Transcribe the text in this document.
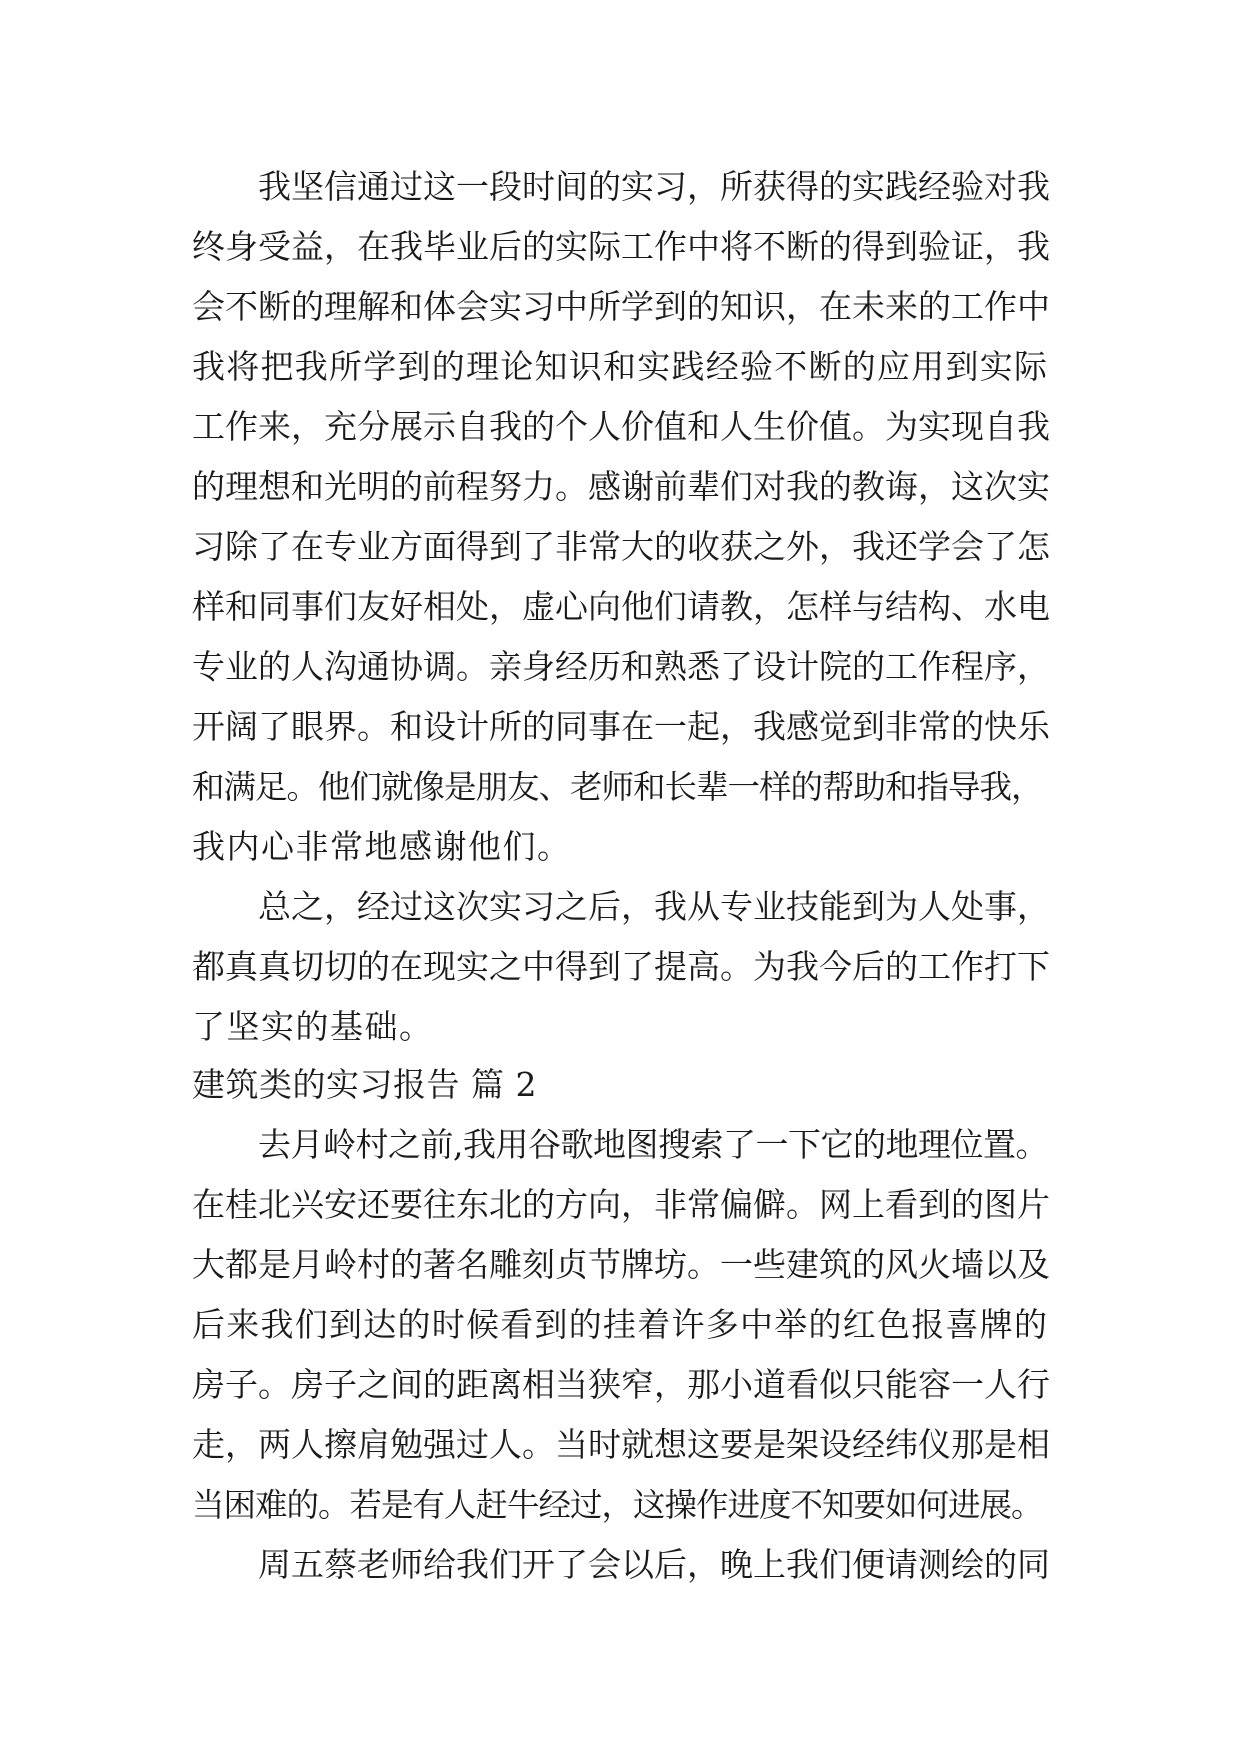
我坚信通过这一段时间的实习，所获得的实践经验对我
终身受益，在我毕业后的实际工作中将不断的得到验证，我
会不断的理解和体会实习中所学到的知识，在未来的工作中
我将把我所学到的理论知识和实践经验不断的应用到实际
工作来，充分展示自我的个人价值和人生价值。为实现自我
的理想和光明的前程努力。感谢前辈们对我的教诲，这次实
习除了在专业方面得到了非常大的收获之外，我还学会了怎
样和同事们友好相处，虚心向他们请教，怎样与结构、水电
专业的人沟通协调。亲身经历和熟悉了设计院的工作程序，
开阔了眼界。和设计所的同事在一起，我感觉到非常的快乐
和满足。他们就像是朋友、老师和长辈一样的帮助和指导我，
我内心非常地感谢他们。
总之，经过这次实习之后，我从专业技能到为人处事，
都真真切切的在现实之中得到了提高。为我今后的工作打下
了坚实的基础。
建筑类的实习报告 篇 2
去月岭村之前,我用谷歌地图搜索了一下它的地理位置。
在桂北兴安还要往东北的方向，非常偏僻。网上看到的图片
大都是月岭村的著名雕刻贞节牌坊。一些建筑的风火墙以及
后来我们到达的时候看到的挂着许多中举的红色报喜牌的
房子。房子之间的距离相当狭窄，那小道看似只能容一人行
走，两人擦肩勉强过人。当时就想这要是架设经纬仪那是相
当困难的。若是有人赶牛经过，这操作进度不知要如何进展。
周五蔡老师给我们开了会以后，晚上我们便请测绘的同
